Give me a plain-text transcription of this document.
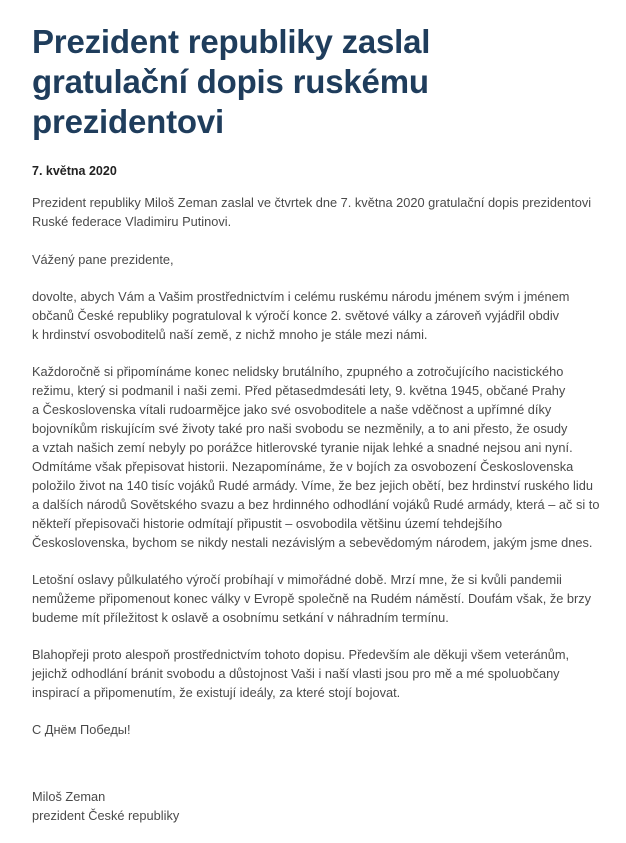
Prezident republiky zaslal
gratulační dopis ruskému
prezidentovi
7. května 2020

Prezident republiky Miloš Zeman zaslal ve čtvrtek dne 7. května 2020 gratulační dopis prezidentovi
Ruské federace Vladimiru Putinovi.

Vážený pane prezidente,

dovolte, abych Vám a Vašim prostřednictvím i celému ruskému národu jménem svým i jménem
občanů České republiky pogratuloval k výročí konce 2. světové války a zároveň vyjádřil obdiv
k hrdinství osvoboditelů naší země, z nichž mnoho je stále mezi námi.

Každoročně si připomínáme konec nelidsky brutálního, zpupného a zotročujícího nacistického
režimu, který si podmanil i naši zemi. Před pětasedmdesáti lety, 9. května 1945, občané Prahy
a Československa vítali rudoarmějce jako své osvoboditele a naše vděčnost a upřímné díky
bojovníkům riskujícím své životy také pro naši svobodu se nezměnily, a to ani přesto, že osudy
a vztah našich zemí nebyly po porážce hitlerovské tyranie nijak lehké a snadné nejsou ani nyní.
Odmítáme však přepisovat historii. Nezapomínáme, že v bojích za osvobození Československa
položilo život na 140 tisíc vojáků Rudé armády. Víme, že bez jejich obětí, bez hrdinství ruského lidu
a dalších národů Sovětského svazu a bez hrdinného odhodlání vojáků Rudé armády, která – ač si to
někteří přepisovači historie odmítají připustit – osvobodila většinu území tehdejšího
Československa, bychom se nikdy nestali nezávislým a sebevědomým národem, jakým jsme dnes.

Letošní oslavy půlkulatého výročí probíhají v mimořádné době. Mrzí mne, že si kvůli pandemii
nemůžeme připomenout konec války v Evropě společně na Rudém náměstí. Doufám však, že brzy
budeme mít příležitost k oslavě a osobnímu setkání v náhradním termínu.

Blahopřeji proto alespoň prostřednictvím tohoto dopisu. Především ale děkuji všem veteránům,
jejichž odhodlání bránit svobodu a důstojnost Vaši i naší vlasti jsou pro mě a mé spoluobčany
inspirací a připomenutím, že existují ideály, za které stojí bojovat.

С Днём Победы!

Miloš Zeman
prezident České republiky
